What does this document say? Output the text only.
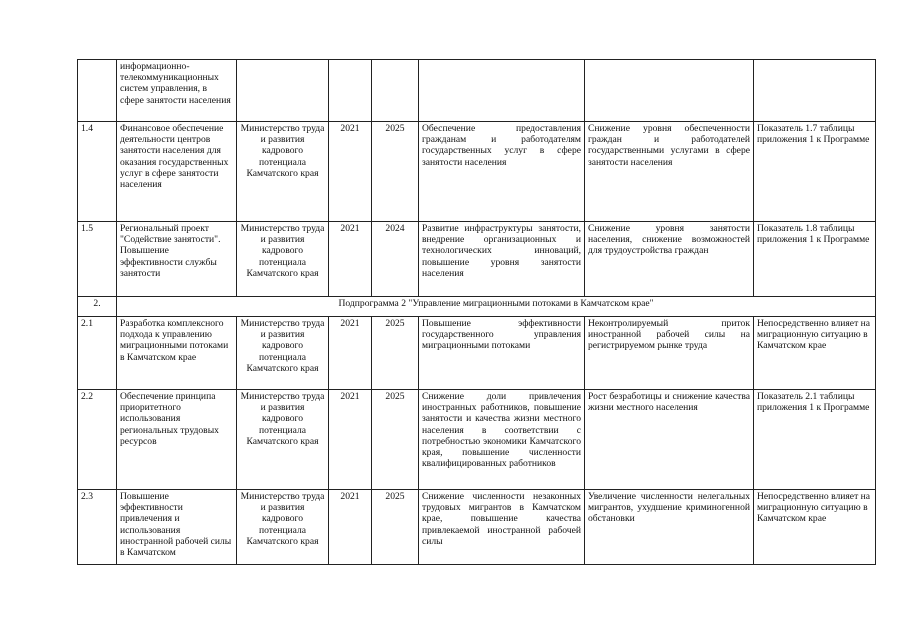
	информационно-телекоммуникационных систем управления, в сфере занятости населения						
1.4	Финансовое обеспечение деятельности центров занятости населения для оказания государственных услуг в сфере занятости населения	Министерство труда и развития кадрового потенциала Камчатского края	2021	2025	Обеспечение предоставления гражданам и работодателям государственных услуг в сфере занятости населения	Снижение уровня обеспеченности граждан и работодателей государственными услугами в сфере занятости населения	Показатель 1.7 таблицы приложения 1 к Программе
1.5	Региональный проект "Содействие занятости". Повышение эффективности службы занятости	Министерство труда и развития кадрового потенциала Камчатского края	2021	2024	Развитие инфраструктуры занятости, внедрение организационных и технологических инноваций, повышение уровня занятости населения	Снижение уровня занятости населения, снижение возможностей для трудоустройства граждан	Показатель 1.8 таблицы приложения 1 к Программе
2.	Подпрограмма 2 "Управление миграционными потоками в Камчатском крае"						
2.1	Разработка комплексного подхода к управлению миграционными потоками в Камчатском крае	Министерство труда и развития кадрового потенциала Камчатского края	2021	2025	Повышение эффективности государственного управления миграционными потоками	Неконтролируемый приток иностранной рабочей силы на регистрируемом рынке труда	Непосредственно влияет на миграционную ситуацию в Камчатском крае
2.2	Обеспечение принципа приоритетного использования региональных трудовых ресурсов	Министерство труда и развития кадрового потенциала Камчатского края	2021	2025	Снижение доли привлечения иностранных работников, повышение занятости и качества жизни местного населения в соответствии с потребностью экономики Камчатского края, повышение численности квалифицированных работников	Рост безработицы и снижение качества жизни местного населения	Показатель 2.1 таблицы приложения 1 к Программе
2.3	Повышение эффективности привлечения и использования иностранной рабочей силы в Камчатском	Министерство труда и развития кадрового потенциала Камчатского края	2021	2025	Снижение численности незаконных трудовых мигрантов в Камчатском крае, повышение качества привлекаемой иностранной рабочей силы	Увеличение численности нелегальных мигрантов, ухудшение криминогенной обстановки	Непосредственно влияет на миграционную ситуацию в Камчатском крае
